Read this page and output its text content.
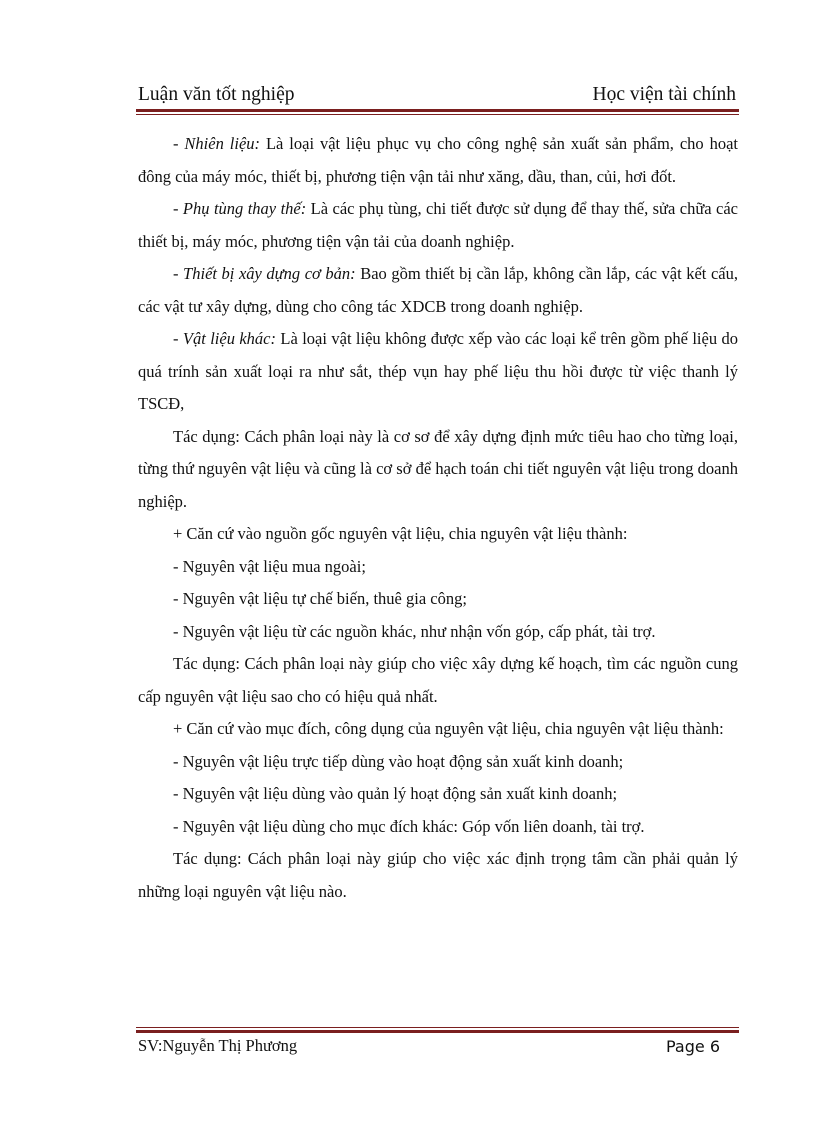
Luận văn tốt nghiệp	Học viện tài chính

- Nhiên liệu: Là loại vật liệu phục vụ cho công nghệ sản xuất sản phẩm, cho hoạt đông của máy móc, thiết bị, phương tiện vận tải như xăng, dầu, than, củi, hơi đốt.

- Phụ tùng thay thế: Là các phụ tùng, chi tiết được sử dụng để thay thế, sửa chữa các thiết bị, máy móc, phương tiện vận tải của doanh nghiệp.

- Thiết bị xây dựng cơ bản: Bao gồm thiết bị cần lắp, không cần lắp, các vật kết cấu, các vật tư xây dựng, dùng cho công tác XDCB trong doanh nghiệp.

- Vật liệu khác: Là loại vật liệu không được xếp vào các loại kể trên gồm phế liệu do quá trính sản xuất loại ra như sắt, thép vụn hay phế liệu thu hồi được từ việc thanh lý TSCĐ,

Tác dụng: Cách phân loại này là cơ sơ để xây dựng định mức tiêu hao cho từng loại, từng thứ nguyên vật liệu và cũng là cơ sở để hạch toán chi tiết nguyên vật liệu trong doanh nghiệp.

+ Căn cứ vào nguồn gốc nguyên vật liệu, chia nguyên vật liệu thành:

- Nguyên vật liệu mua ngoài;

- Nguyên vật liệu tự chế biến, thuê gia công;

- Nguyên vật liệu từ các nguồn khác, như nhận vốn góp, cấp phát, tài trợ.

Tác dụng: Cách phân loại này giúp cho việc xây dựng kế hoạch, tìm các nguồn cung cấp nguyên vật liệu sao cho có hiệu quả nhất.

+ Căn cứ vào mục đích, công dụng của nguyên vật liệu, chia nguyên vật liệu thành:

- Nguyên vật liệu trực tiếp dùng vào hoạt động sản xuất kinh doanh;

- Nguyên vật liệu dùng vào quản lý hoạt động sản xuất kinh doanh;

- Nguyên vật liệu dùng cho mục đích khác: Góp vốn liên doanh, tài trợ.

Tác dụng: Cách phân loại này giúp cho việc xác định trọng tâm cần phải quản lý những loại nguyên vật liệu nào.

SV:Nguyễn Thị Phương	Page 6
